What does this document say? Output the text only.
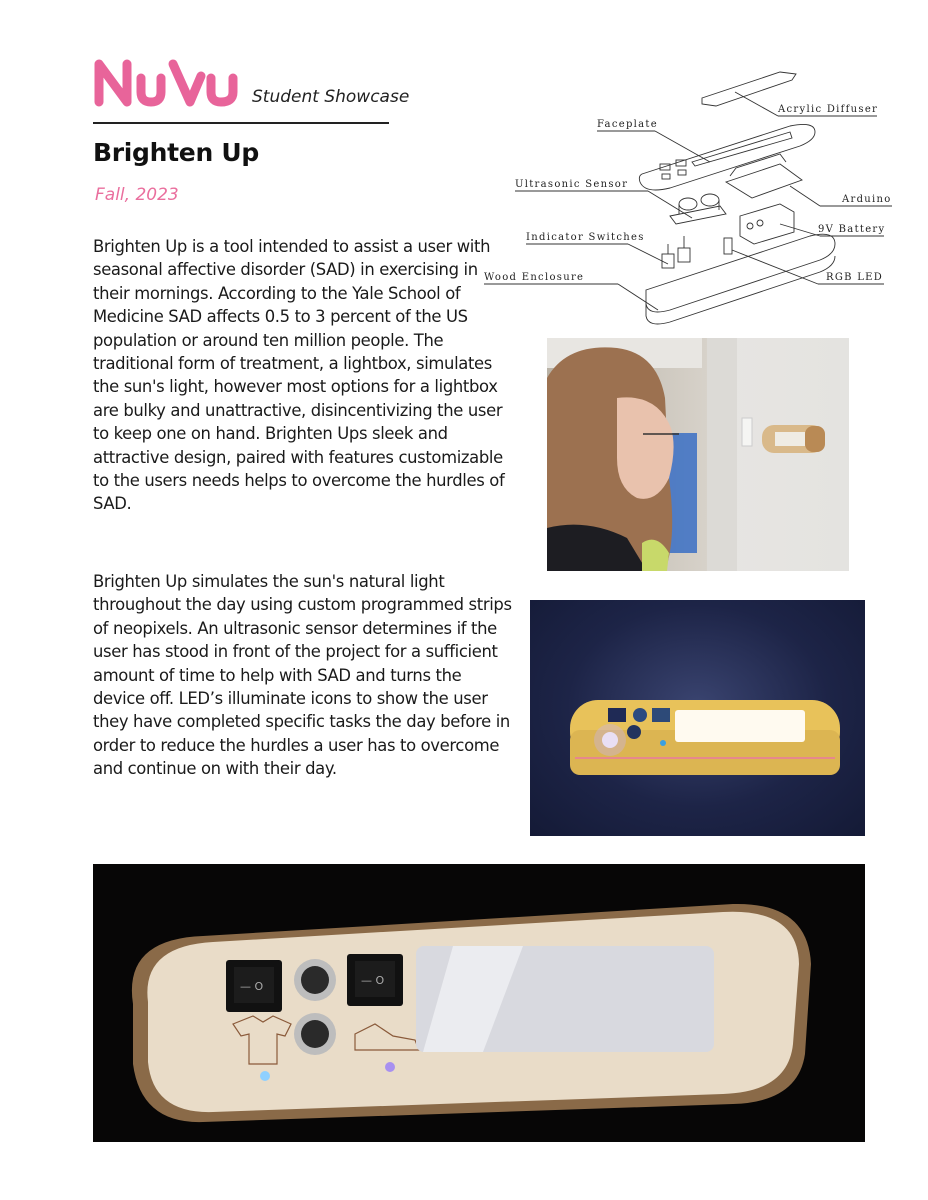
Student Showcase
Brighten Up
Fall, 2023
Brighten Up is a tool intended to assist a user with seasonal affective disorder (SAD) in exercising in their mornings. According to the Yale School of Medicine SAD affects 0.5 to 3 percent of the US population or around ten million people. The traditional form of treatment, a lightbox, simulates the sun's light, however most options for a lightbox are bulky and unattractive, disincentivizing the user to keep one on hand. Brighten Ups sleek and attractive design, paired with features customizable to the users needs helps to overcome the hurdles of SAD.
Brighten Up simulates the sun's natural light throughout the day using custom programmed strips of neopixels. An ultrasonic sensor determines if the user has stood in front of the project for a sufficient amount of time to help with SAD and turns the device off. LED’s illuminate icons to show the user they have completed specific tasks the day before in order to reduce the hurdles a user has to overcome and continue on with their day.
Acrylic Diffuser
Faceplate
Ultrasonic Sensor
Arduino
Indicator Switches
9V Battery
Wood Enclosure	RGB LED
— O	— O
